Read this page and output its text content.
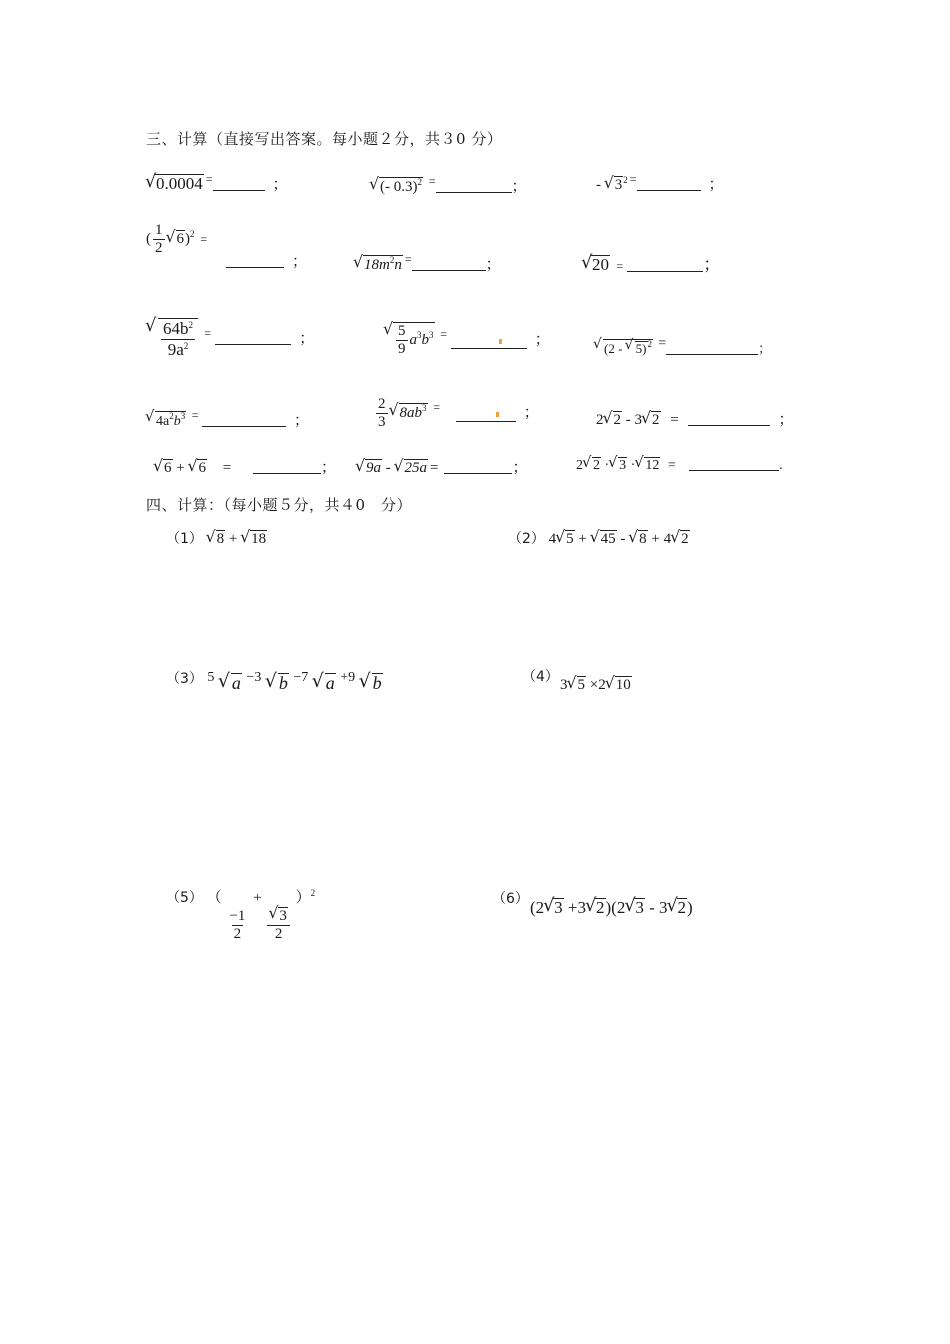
三、计算（直接写出答案。每小题２分，共３0 分）
√ 0.0004 =	；	√ (- 0.3)$^2$ =	；	- √ $3^2$ =	；
( $\frac{1}{2}$ √ 6)$^2$ =
；	√ $18m^2n$ =	；	√ 20 =	；
√ $\frac{64b^2}{9a^2} ^=$	；	√ $\frac{5}{9} a^3b^3$ =	；
√ (2 - √ 5)$^2$ =	；
√ $4a^2b^3$ =	；	$\frac{2}{3}$ √ $8ab^3$ =	；	2 √ 2 - 3 √ 2 =	；
√ 6 + √ 6 =	；	√ 9a - √ 25a =	；	2 √ 2 · √ 3 · √ 12 =	.
四、计算：（每小题５分，共４0　分）
（1） √ 8 + √ 18	（2） 4 √ 5 + √ 45 - √ 8 + 4 √ 2
$^{(3)}$ $^5$ √ a $^{-3}$ √ b $^{-7}$ √ a $^{+9}$ √ b	（4） 3 √ 5 ×2 √ 10
（5） （
$\frac{-1}{2}$
+
√ $\frac{3}{2}$
）$^2$	（6） (2 √ 3 +3 √ 2)(2 √ 3 - 3 √ 2)
